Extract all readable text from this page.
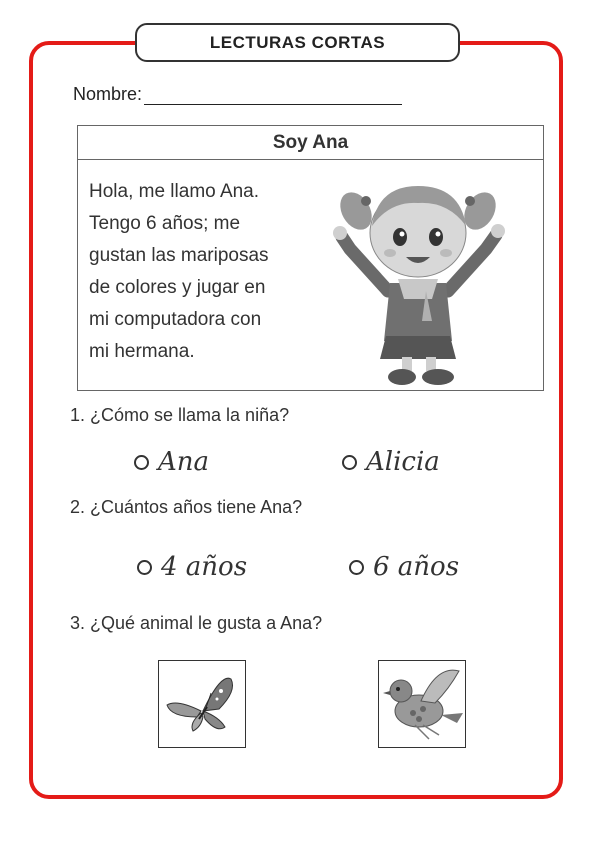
LECTURAS CORTAS
Nombre:
Soy Ana
Hola, me llamo Ana.
Tengo 6 años; me
gustan las mariposas
de colores y jugar en
mi computadora con
mi hermana.
1. ¿Cómo se llama la niña?
Ana	Alicia
2. ¿Cuántos años tiene Ana?
4 años	6 años
3. ¿Qué animal le gusta a Ana?
